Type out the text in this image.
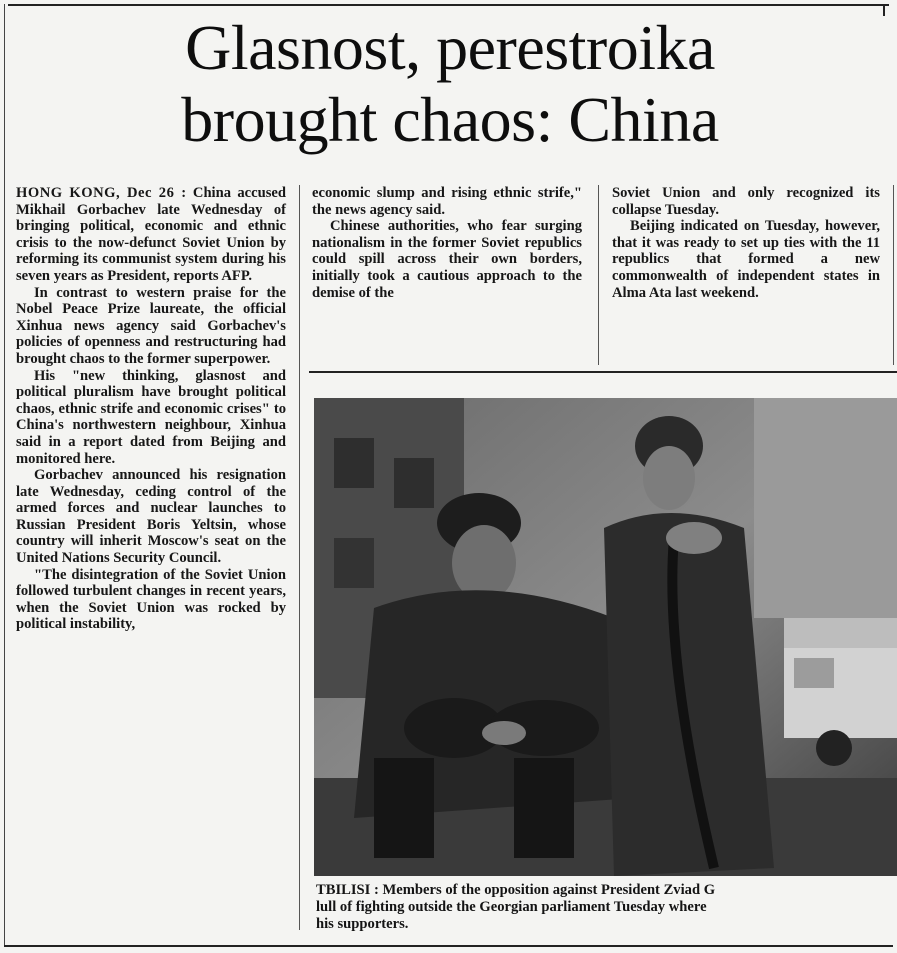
Glasnost, perestroika
brought chaos: China

HONG KONG, Dec 26 : China accused Mikhail Gorbachev late Wednesday of bringing political, economic and ethnic crisis to the now-defunct Soviet Union by reforming its communist system during his seven years as President, reports AFP.

In contrast to western praise for the Nobel Peace Prize laureate, the official Xinhua news agency said Gorbachev's policies of openness and restructuring had brought chaos to the former superpower.

His "new thinking, glasnost and political pluralism have brought political chaos, ethnic strife and economic crises" to China's northwestern neighbour, Xinhua said in a report dated from Beijing and monitored here.

Gorbachev announced his resignation late Wednesday, ceding control of the armed forces and nuclear launches to Russian President Boris Yeltsin, whose country will inherit Moscow's seat on the United Nations Security Council.

"The disintegration of the Soviet Union followed turbulent changes in recent years, when the Soviet Union was rocked by political instability,

economic slump and rising ethnic strife," the news agency said.

Chinese authorities, who fear surging nationalism in the former Soviet republics could spill across their own borders, initially took a cautious approach to the demise of the

Soviet Union and only recognized its collapse Tuesday.

Beijing indicated on Tuesday, however, that it was ready to set up ties with the 11 republics that formed a new commonwealth of independent states in Alma Ata last weekend.

TBILISI : Members of the opposition against President Zviad G
lull of fighting outside the Georgian parliament Tuesday where
his supporters.
